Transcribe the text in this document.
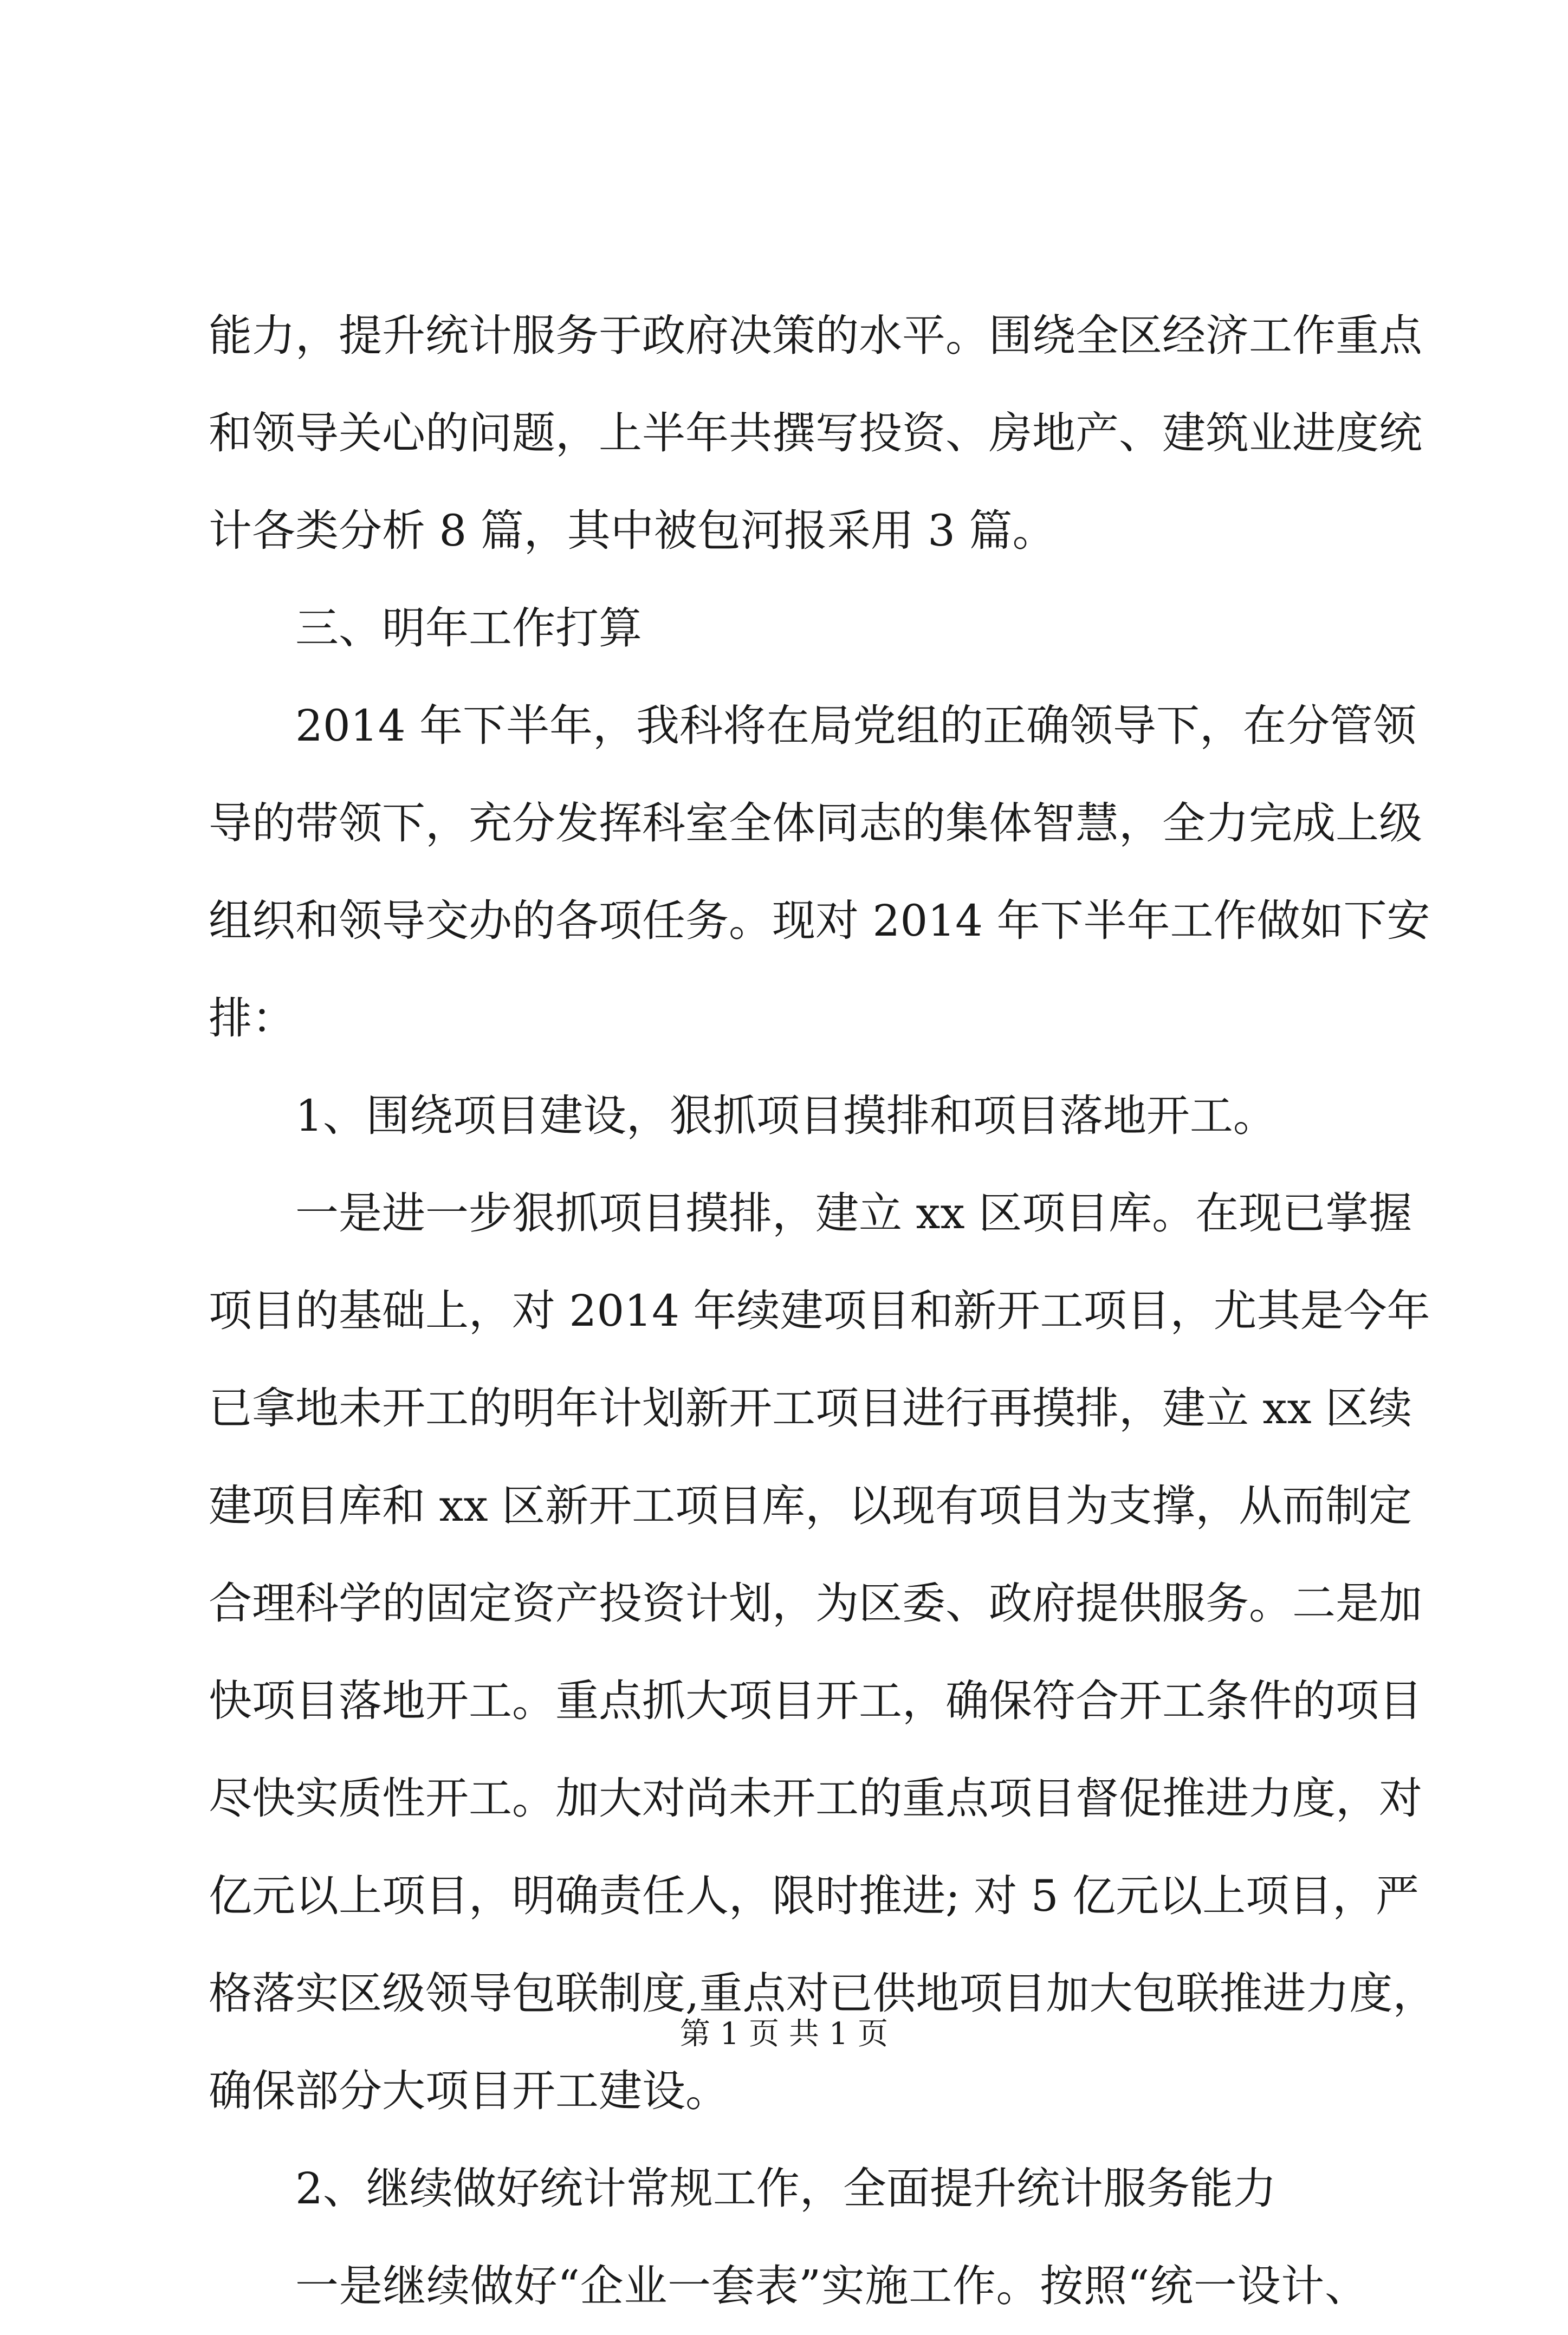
能力，提升统计服务于政府决策的水平。围绕全区经济工作重点
和领导关心的问题，上半年共撰写投资、房地产、建筑业进度统
计各类分析 8 篇，其中被包河报采用 3 篇。
三、明年工作打算
2014 年下半年，我科将在局党组的正确领导下，在分管领
导的带领下，充分发挥科室全体同志的集体智慧，全力完成上级
组织和领导交办的各项任务。现对 2014 年下半年工作做如下安
排：
1、围绕项目建设，狠抓项目摸排和项目落地开工。
一是进一步狠抓项目摸排，建立 xx 区项目库。在现已掌握
项目的基础上，对 2014 年续建项目和新开工项目，尤其是今年
已拿地未开工的明年计划新开工项目进行再摸排，建立 xx 区续
建项目库和 xx 区新开工项目库，以现有项目为支撑，从而制定
合理科学的固定资产投资计划，为区委、政府提供服务。二是加
快项目落地开工。重点抓大项目开工，确保符合开工条件的项目
尽快实质性开工。加大对尚未开工的重点项目督促推进力度，对
亿元以上项目，明确责任人，限时推进; 对 5 亿元以上项目，严
格落实区级领导包联制度,重点对已供地项目加大包联推进力度，
确保部分大项目开工建设。
2、继续做好统计常规工作，全面提升统计服务能力
一是继续做好“企业一套表”实施工作。按照“统一设计、
第 1 页 共 1 页
